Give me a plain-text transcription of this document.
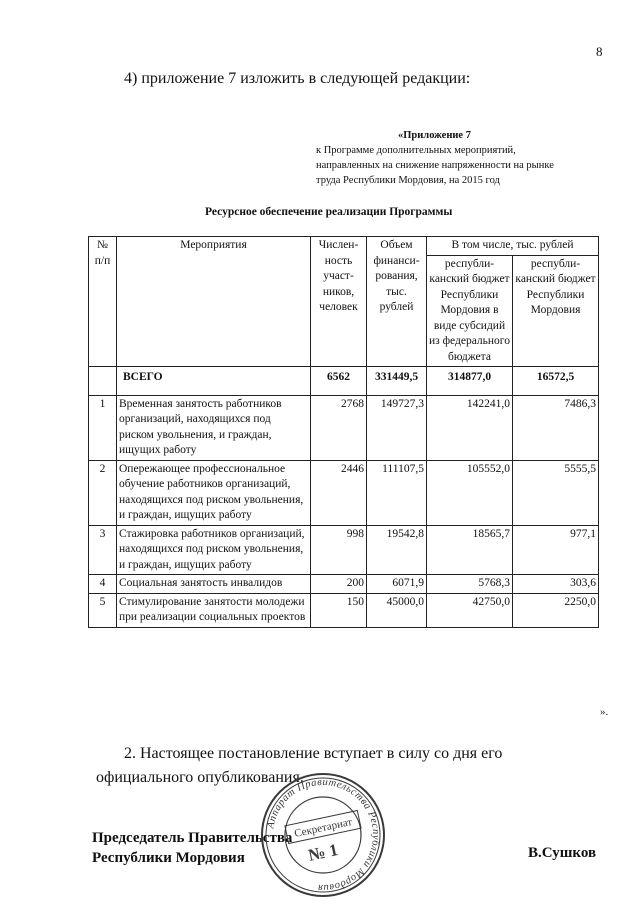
8
4) приложение 7 изложить в следующей редакции:
«Приложение 7
к Программе дополнительных мероприятий,
направленных на снижение напряженности на рынке
труда Республики Мордовия, на 2015 год
Ресурсное обеспечение реализации Программы
№ п/п	Мероприятия	Числен-ность участ-ников, человек	Объем финанси-рования, тыс. рублей	В том числе, тыс. рублей	
				республи-канский бюджет Республики Мордовия в виде субсидий из федерального бюджета	республи-канский бюджет Республики Мордовия
	ВСЕГО	6562	331449,5	314877,0	16572,5
1	Временная занятость работников организаций, находящихся под риском увольнения, и граждан, ищущих работу	2768	149727,3	142241,0	7486,3
2	Опережающее профессиональное обучение работников организаций, находящихся под риском увольнения, и граждан, ищущих работу	2446	111107,5	105552,0	5555,5
3	Стажировка работников организаций, находящихся под риском увольнения, и граждан, ищущих работу	998	19542,8	18565,7	977,1
4	Социальная занятость инвалидов	200	6071,9	5768,3	303,6
5	Стимулирование занятости молодежи при реализации социальных проектов	150	45000,0	42750,0	2250,0
».
2. Настоящее постановление вступает в силу со дня его официального опубликования.
Председатель Правительства
Республики Мордовия	В.Сушков
Аппарат Правительства Республики Мордовия
Секретариат
№ 1
